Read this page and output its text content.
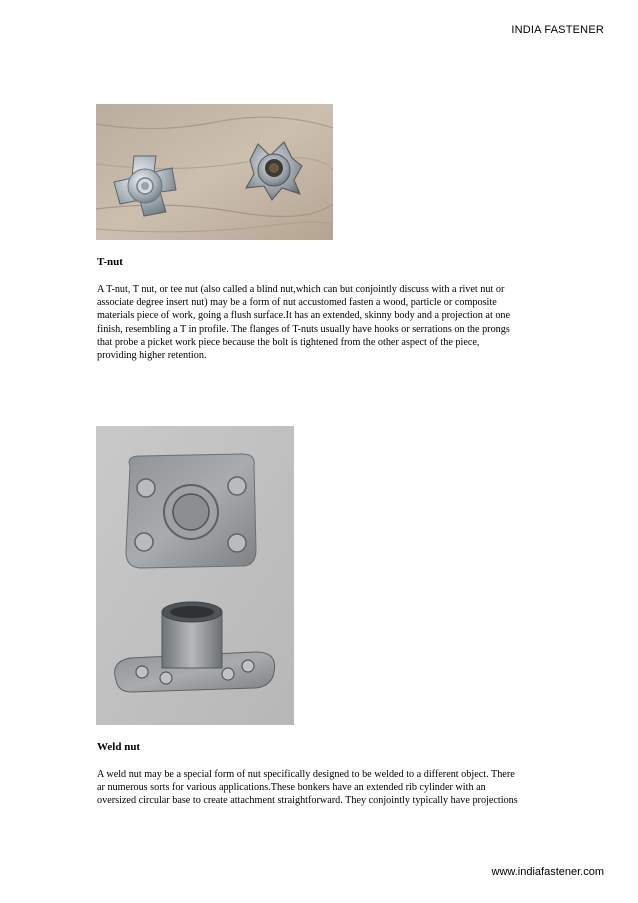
INDIA FASTENER
T-nut
A T-nut, T nut, or tee nut (also called a blind nut,which can but conjointly discuss with a rivet nut or
associate degree insert nut) may be a form of nut accustomed fasten a wood, particle or composite
materials piece of work, going a flush surface.It has an extended, skinny body and a projection at one
finish, resembling a T in profile. The flanges of T-nuts usually have hooks or serrations on the prongs
that probe a picket work piece because the bolt is tightened from the other aspect of the piece,
providing higher retention.
Weld nut
A weld nut may be a special form of nut specifically designed to be welded to a different object. There
ar numerous sorts for various applications.These bonkers have an extended rib cylinder with an
oversized circular base to create attachment straightforward. They conjointly typically have projections
www.indiafastener.com
